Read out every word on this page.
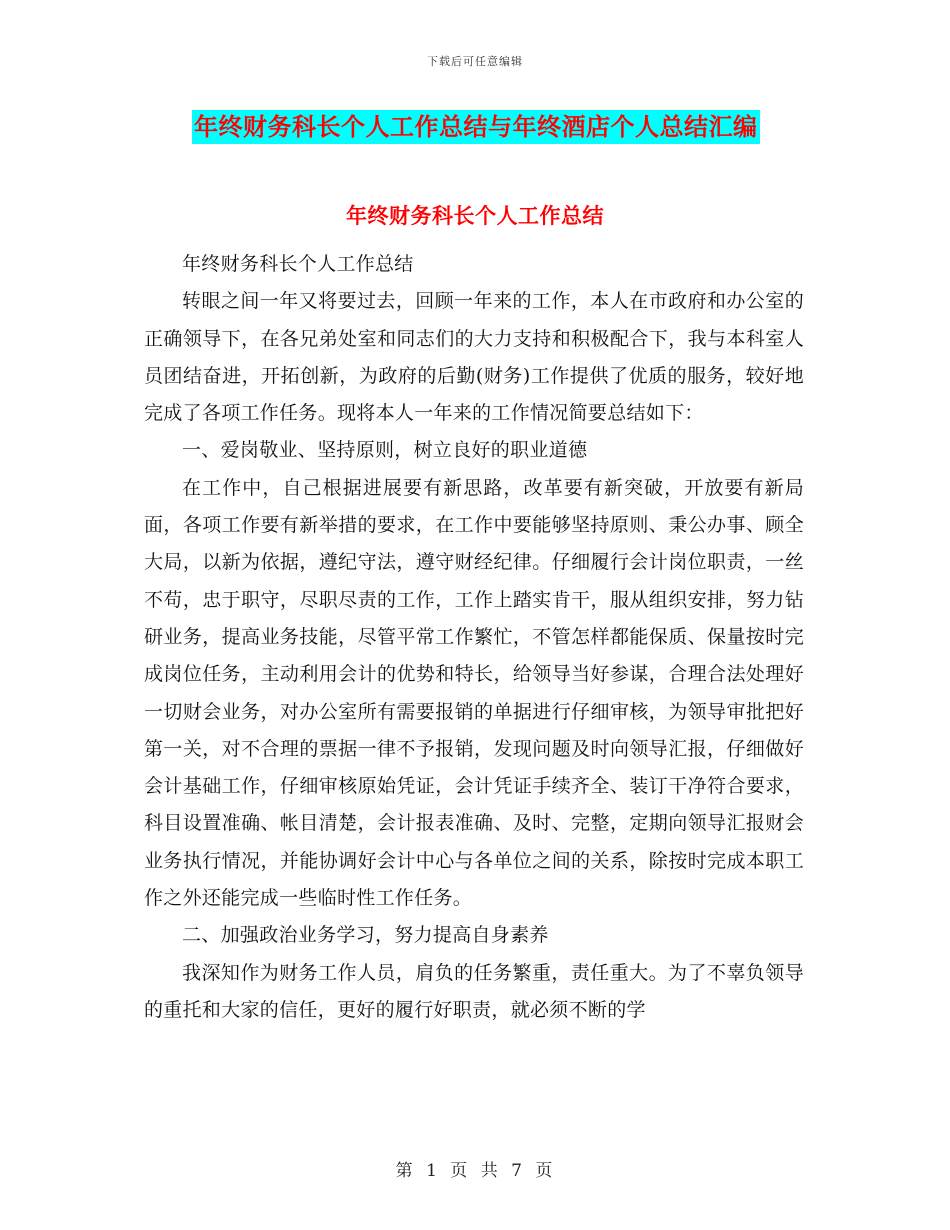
下载后可任意编辑
年终财务科长个人工作总结与年终酒店个人总结汇编
年终财务科长个人工作总结

年终财务科长个人工作总结

转眼之间一年又将要过去，回顾一年来的工作，本人在市政府和办公室的正确领导下，在各兄弟处室和同志们的大力支持和积极配合下，我与本科室人员团结奋进，开拓创新，为政府的后勤(财务)工作提供了优质的服务，较好地完成了各项工作任务。现将本人一年来的工作情况简要总结如下：

一、爱岗敬业、坚持原则，树立良好的职业道德

在工作中，自己根据进展要有新思路，改革要有新突破，开放要有新局面，各项工作要有新举措的要求，在工作中要能够坚持原则、秉公办事、顾全大局，以新为依据，遵纪守法，遵守财经纪律。仔细履行会计岗位职责，一丝不苟，忠于职守，尽职尽责的工作，工作上踏实肯干，服从组织安排，努力钻研业务，提高业务技能，尽管平常工作繁忙，不管怎样都能保质、保量按时完成岗位任务，主动利用会计的优势和特长，给领导当好参谋，合理合法处理好一切财会业务，对办公室所有需要报销的单据进行仔细审核，为领导审批把好第一关，对不合理的票据一律不予报销，发现问题及时向领导汇报，仔细做好会计基础工作，仔细审核原始凭证，会计凭证手续齐全、装订干净符合要求，科目设置准确、帐目清楚，会计报表准确、及时、完整，定期向领导汇报财会业务执行情况，并能协调好会计中心与各单位之间的关系，除按时完成本职工作之外还能完成一些临时性工作任务。

二、加强政治业务学习，努力提高自身素养

我深知作为财务工作人员，肩负的任务繁重，责任重大。为了不辜负领导的重托和大家的信任，更好的履行好职责，就必须不断的学

第 1 页 共 7 页
